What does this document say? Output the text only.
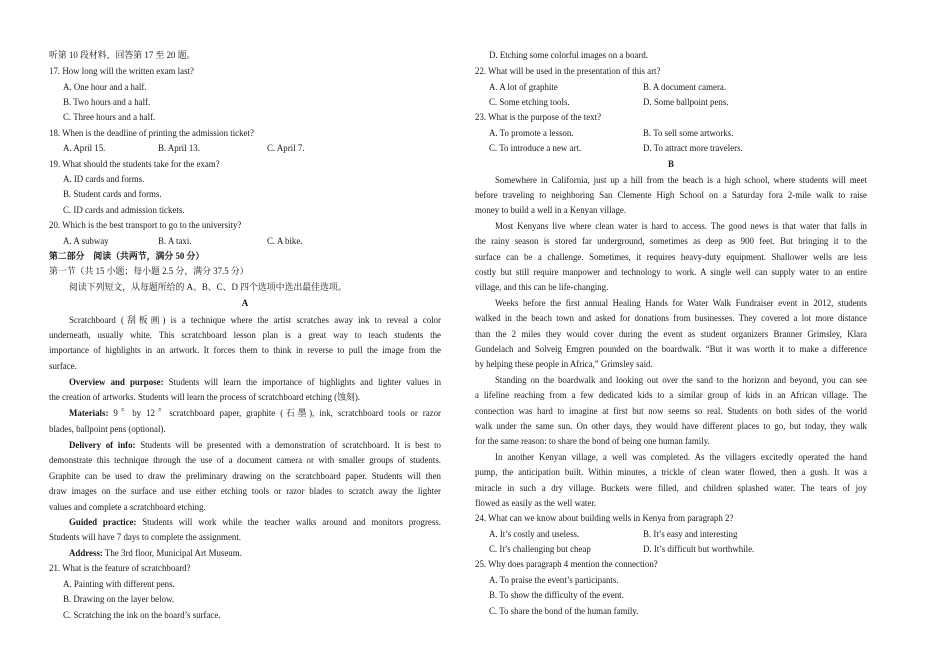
听第 10 段材料，回答第 17 至 20 题。
17. How long will the written exam last?
A. One hour and a half.
B. Two hours and a half.
C. Three hours and a half.
18. When is the deadline of printing the admission ticket?
A. April 15.	B. April 13.	C. April 7.
19. What should the students take for the exam?
A. ID cards and forms.
B. Student cards and forms.
C. ID cards and admission tickets.
20. Which is the best transport to go to the university?
A. A subway	B. A taxi.	C. A bike.
第二部分　阅读（共两节，满分 50 分）
第一节（共 15 小题；每小题 2.5 分，满分 37.5 分）
阅读下列短文，从每题所给的 A、B、C、D 四个选项中选出最佳选项。
A
Scratchboard (刮板画) is a technique where the artist scratches away ink to reveal a color
underneath, usually white. This scratchboard lesson plan is a great way to teach students the
importance of highlights in an artwork. It forces them to think in reverse to pull the image from the
surface.
Overview and purpose: Students will learn the importance of highlights and lighter values in
the creation of artworks. Students will learn the process of scratchboard etching (蚀刻).
Materials: 9〞by 12〞scratchboard paper, graphite (石墨), ink, scratchboard tools or razor
blades, ballpoint pens (optional).
Delivery of info: Students will be presented with a demonstration of scratchboard. It is best to
demonstrate this technique through the use of a document camera or with smaller groups of students.
Graphite can be used to draw the preliminary drawing on the scratchboard paper. Students will then
draw images on the surface and use either etching tools or razor blades to scratch away the lighter
values and complete a scratchboard etching.
Guided practice: Students will work while the teacher walks around and monitors progress.
Students will have 7 days to complete the assignment.
Address: The 3rd floor, Municipal Art Museum.
21. What is the feature of scratchboard?
A. Painting with different pens.
B. Drawing on the layer below.
C. Scratching the ink on the board’s surface.
D. Etching some colorful images on a board.
22. What will be used in the presentation of this art?
A. A lot of graphite	B. A document camera.
C. Some etching tools.	D. Some ballpoint pens.
23. What is the purpose of the text?
A. To promote a lesson.	B. To sell some artworks.
C. To introduce a new art.	D. To attract more travelers.
B
Somewhere in California, just up a hill from the beach is a high school, where students will meet
before traveling to neighboring San Clemente High School on a Saturday fora 2-mile walk to raise
money to build a well in a Kenyan village.
Most Kenyans live where clean water is hard to access. The good news is that water that falls in
the rainy season is stored far underground, sometimes as deep as 900 feet. But bringing it to the
surface can be a challenge. Sometimes, it requires heavy-duty equipment. Shallower wells are less
costly but still require manpower and technology to work. A single well can supply water to an entire
village, and this can be life-changing.
Weeks before the first annual Healing Hands for Water Walk Fundraiser event in 2012, students
walked in the beach town and asked for donations from businesses. They covered a lot more distance
than the 2 miles they would cover during the event as student organizers Branner Grimsley, Klara
Gundelach and Solveig Emgren pounded on the boardwalk. “But it was worth it to make a difference
by helping these people in Africa,” Grimsley said.
Standing on the boardwalk and looking out over the sand to the horizon and beyond, you can see
a lifeline reaching from a few dedicated kids to a similar group of kids in an African village. The
connection was hard to imagine at first but now seems so real. Students on both sides of the world
walk under the same sun. On other days, they would have different places to go, but today, they walk
for the same reason: to share the bond of being one human family.
In another Kenyan village, a well was completed. As the villagers excitedly operated the hand
pump, the anticipation built. Within minutes, a trickle of clean water flowed, then a gush. It was a
miracle in such a dry village. Buckets were filled, and children splashed water. The tears of joy
flowed as easily as the well water.
24. What can we know about building wells in Kenya from paragraph 2?
A. It’s costly and useless.	B. It’s easy and interesting
C. It’s challenging but cheap	D. It’s difficult but worthwhile.
25. Why does paragraph 4 mention the connection?
A. To praise the event’s participants.
B. To show the difficulty of the event.
C. To share the bond of the human family.
